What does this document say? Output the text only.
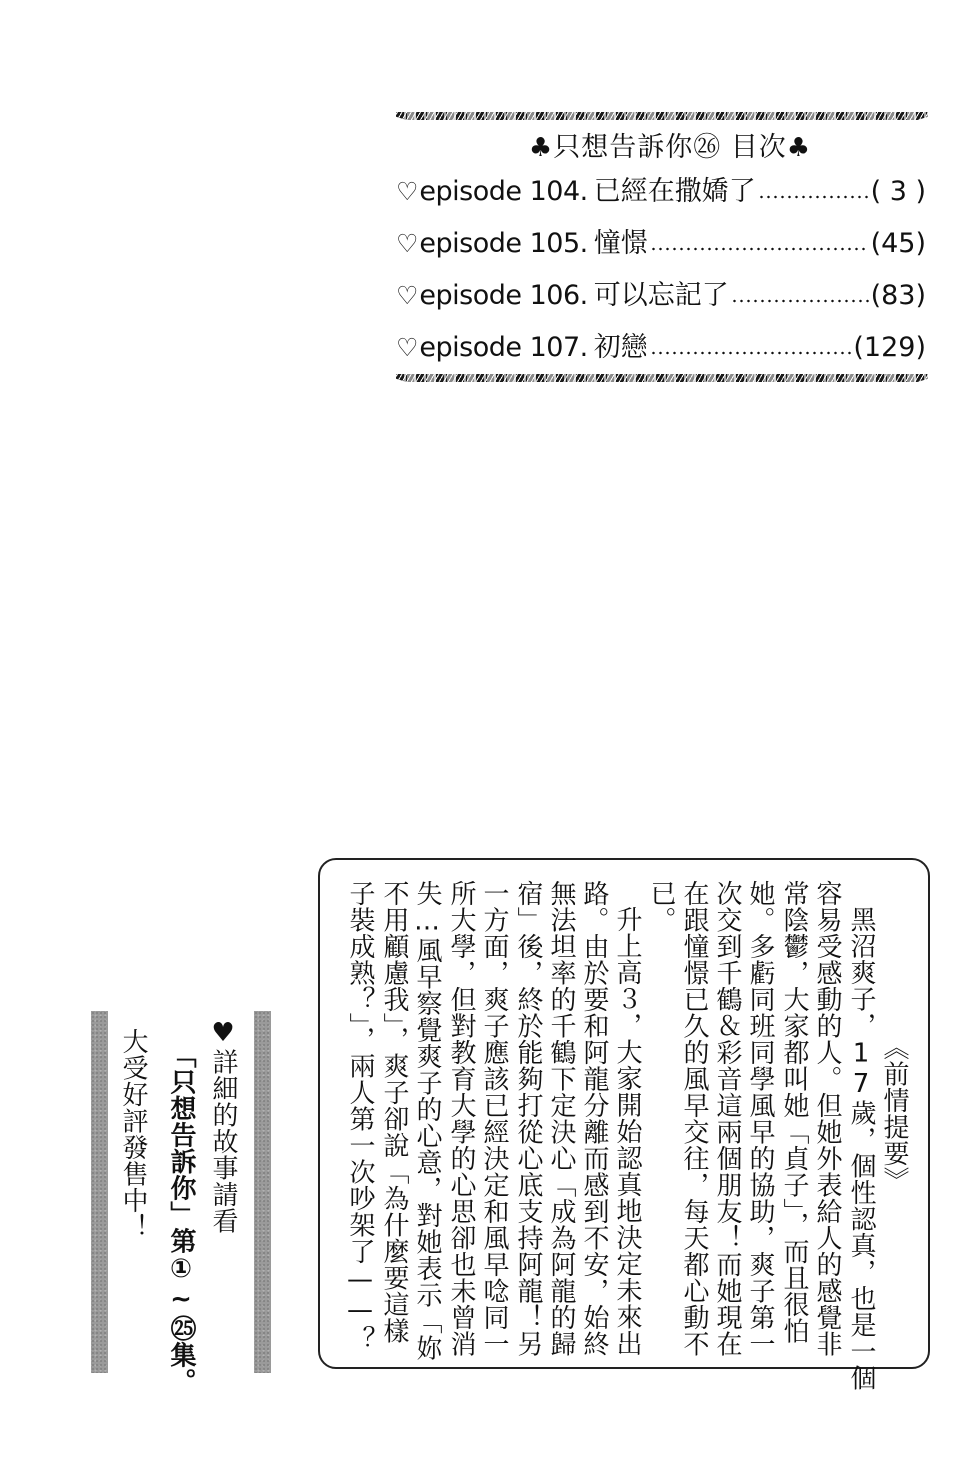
♣只想告訴你㉖ 目次♣
♡ episode 104. 已經在撒嬌了	( 3 )
♡ episode 105. 憧憬	(45)
♡ episode 106. 可以忘記了	(83)
♡ episode 107. 初戀	(129)
《前情提要》
黑沼爽子，17歲，個性認真，也是一個
容易受感動的人。但她外表給人的感覺非
常陰鬱，大家都叫她「貞子」，而且很怕
她。多虧同班同學風早的協助，爽子第一
次交到千鶴＆彩音這兩個朋友！而她現在
在跟憧憬已久的風早交往，每天都心動不
已。
升上高３，大家開始認真地決定未來出
路。由於要和阿龍分離而感到不安，始終
無法坦率的千鶴下定決心「成為阿龍的歸
宿」後，終於能夠打從心底支持阿龍！另
一方面，爽子應該已經決定和風早唸同一
所大學，但對教育大學的心思卻也未曾消
失…風早察覺爽子的心意，對她表示「妳
不用顧慮我」，爽子卻說「為什麼要這樣
子裝成熟？」，兩人第一次吵架了——？
♥詳細的故事請看
「只想告訴你」第①~㉕集。
大受好評發售中！
